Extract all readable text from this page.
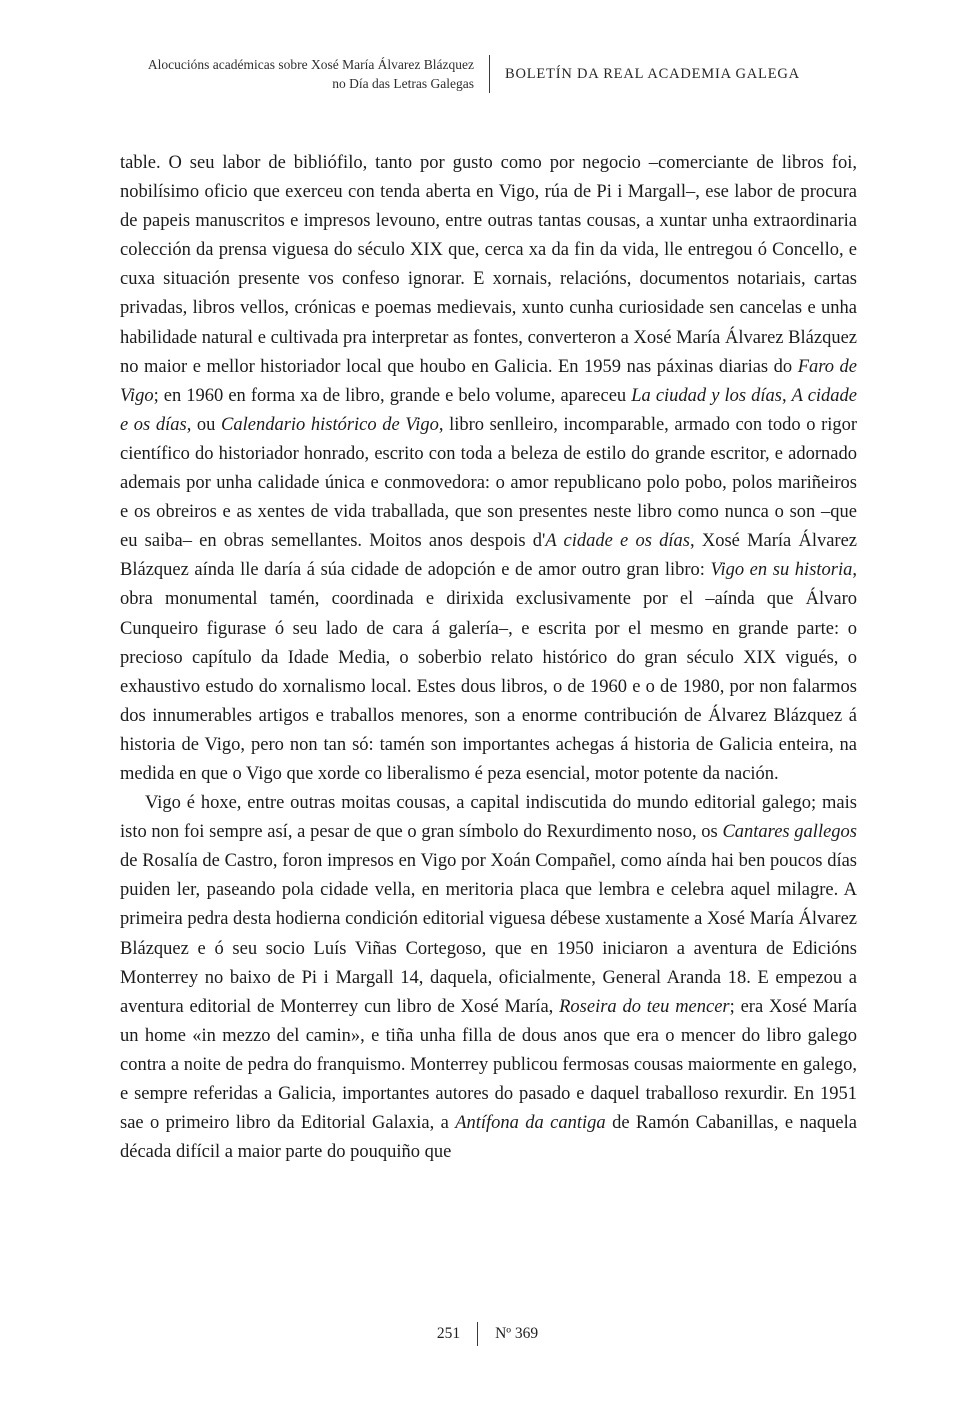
Alocucións académicas sobre Xosé María Álvarez Blázquez
no Día das Letras Galegas
BOLETÍN DA REAL ACADEMIA GALEGA

table. O seu labor de bibliófilo, tanto por gusto como por negocio –comerciante de libros foi, nobilísimo oficio que exerceu con tenda aberta en Vigo, rúa de Pi i Margall–, ese labor de procura de papeis manuscritos e impresos levouno, entre outras tantas cousas, a xuntar unha extraordinaria colección da prensa viguesa do século XIX que, cerca xa da fin da vida, lle entregou ó Concello, e cuxa situación presente vos confeso ignorar. E xornais, relacións, documentos notariais, cartas privadas, libros vellos, crónicas e poemas medievais, xunto cunha curiosidade sen cancelas e unha habilidade natural e cultivada pra interpretar as fontes, converteron a Xosé María Álvarez Blázquez no maior e mellor historiador local que houbo en Galicia. En 1959 nas páxinas diarias do Faro de Vigo; en 1960 en forma xa de libro, grande e belo volume, apareceu La ciudad y los días, A cidade e os días, ou Calendario histórico de Vigo, libro senlleiro, incomparable, armado con todo o rigor científico do historiador honrado, escrito con toda a beleza de estilo do grande escritor, e adornado ademais por unha calidade única e conmovedora: o amor republicano polo pobo, polos mariñeiros e os obreiros e as xentes de vida traballada, que son presentes neste libro como nunca o son –que eu saiba– en obras semellantes. Moitos anos despois d'A cidade e os días, Xosé María Álvarez Blázquez aínda lle daría á súa cidade de adopción e de amor outro gran libro: Vigo en su historia, obra monumental tamén, coordinada e dirixida exclusivamente por el –aínda que Álvaro Cunqueiro figurase ó seu lado de cara á galería–, e escrita por el mesmo en grande parte: o precioso capítulo da Idade Media, o soberbio relato histórico do gran século XIX vigués, o exhaustivo estudo do xornalismo local. Estes dous libros, o de 1960 e o de 1980, por non falarmos dos innumerables artigos e traballos menores, son a enorme contribución de Álvarez Blázquez á historia de Vigo, pero non tan só: tamén son importantes achegas á historia de Galicia enteira, na medida en que o Vigo que xorde co liberalismo é peza esencial, motor potente da nación.

Vigo é hoxe, entre outras moitas cousas, a capital indiscutida do mundo editorial galego; mais isto non foi sempre así, a pesar de que o gran símbolo do Rexurdimento noso, os Cantares gallegos de Rosalía de Castro, foron impresos en Vigo por Xoán Compañel, como aínda hai ben poucos días puiden ler, paseando pola cidade vella, en meritoria placa que lembra e celebra aquel milagre. A primeira pedra desta hodierna condición editorial viguesa débese xustamente a Xosé María Álvarez Blázquez e ó seu socio Luís Viñas Cortegoso, que en 1950 iniciaron a aventura de Edicións Monterrey no baixo de Pi i Margall 14, daquela, oficialmente, General Aranda 18. E empezou a aventura editorial de Monterrey cun libro de Xosé María, Roseira do teu mencer; era Xosé María un home «in mezzo del camin», e tiña unha filla de dous anos que era o mencer do libro galego contra a noite de pedra do franquismo. Monterrey publicou fermosas cousas maiormente en galego, e sempre referidas a Galicia, importantes autores do pasado e daquel traballoso rexurdir. En 1951 sae o primeiro libro da Editorial Galaxia, a Antífona da cantiga de Ramón Cabanillas, e naquela década difícil a maior parte do pouquiño que

251	Nº 369
